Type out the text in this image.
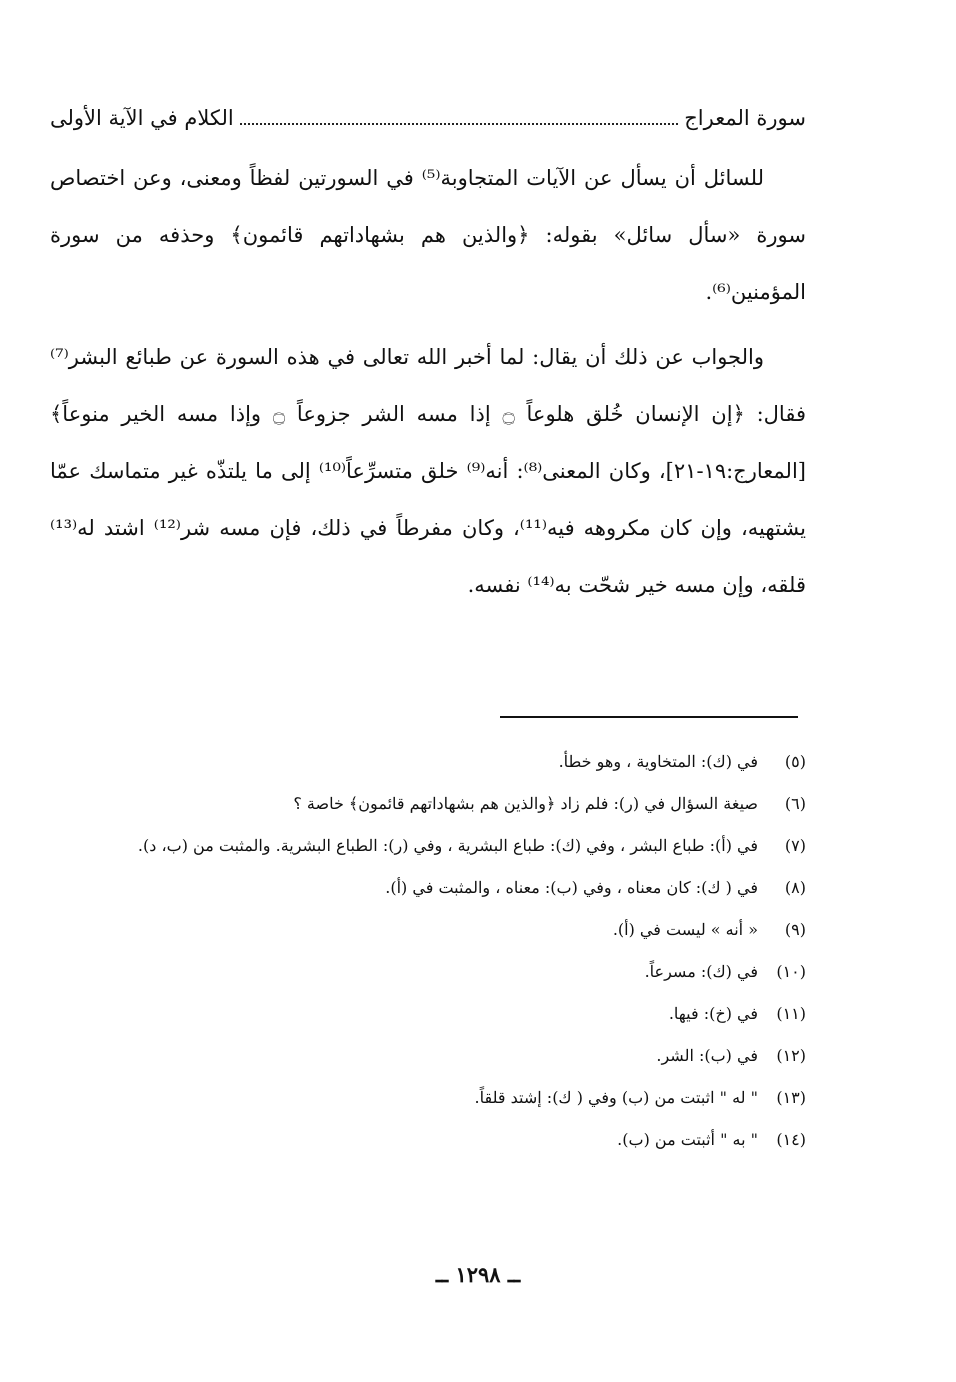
سورة المعراج
الكلام في الآية الأولى

للسائل أن يسأل عن الآيات المتجاوبة⁽⁵⁾ في السورتين لفظاً ومعنى، وعن اختصاص سورة «سأل سائل» بقوله: ﴿والذين هم بشهاداتهم قائمون﴾ وحذفه من سورة المؤمنين⁽⁶⁾.

والجواب عن ذلك أن يقال: لما أخبر الله تعالى في هذه السورة عن طبائع البشر⁽⁷⁾ فقال: ﴿إن الإنسان خُلق هلوعاً ۝ إذا مسه الشر جزوعاً ۝ وإذا مسه الخير منوعاً﴾ [المعارج:١٩-٢١]، وكان المعنى⁽⁸⁾: أنه⁽⁹⁾ خلق متسرِّعاً⁽¹⁰⁾ إلى ما يلتذّه غير متماسك عمّا يشتهيه، وإن كان مكروهه فيه⁽¹¹⁾، وكان مفرطاً في ذلك، فإن مسه شر⁽¹²⁾ اشتد له⁽¹³⁾ قلقه، وإن مسه خير شحّت به⁽¹⁴⁾ نفسه.

(٥)
في (ك): المتخاوية ، وهو خطأ.
(٦)
صيغة السؤال في (ر): فلم زاد ﴿والذين هم بشهاداتهم قائمون﴾ خاصة ؟
(٧)
في (أ): طباع البشر ، وفي (ك): طباع البشرية ، وفي (ر): الطباع البشرية. والمثبت من (ب، د).
(٨)
في ( ك): كان معناه ، وفي (ب): معناه ، والمثبت في (أ).
(٩)
« أنه » ليست في (أ).
(١٠)
في (ك): مسرعاً.
(١١)
في (خ): فيها.
(١٢)
في (ب): الشر.
(١٣)
" له " اثبتت من (ب) وفي ( ك): إشتد قلقاً.
(١٤)
" به " أثبتت من (ب).
ــ ١٢٩٨ ــ
